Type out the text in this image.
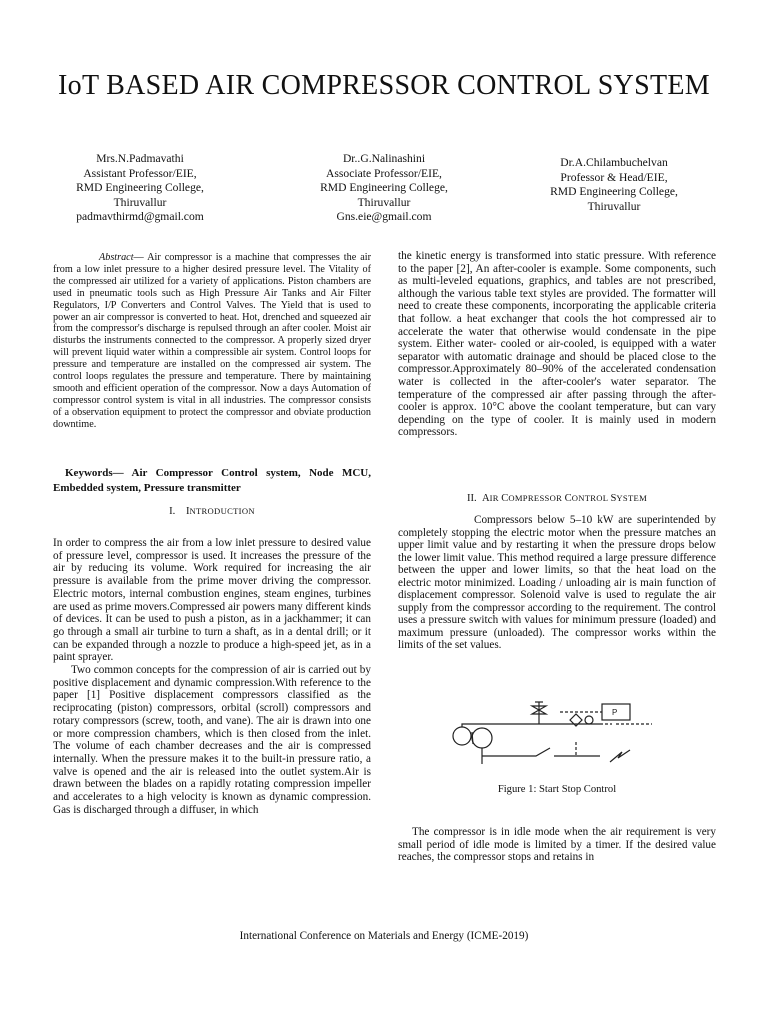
IoT BASED AIR COMPRESSOR CONTROL SYSTEM
Mrs.N.Padmavathi
Assistant Professor/EIE,
RMD Engineering College,
Thiruvallur
padmavthirmd@gmail.com
Dr..G.Nalinashini
Associate Professor/EIE,
RMD Engineering College,
Thiruvallur
Gns.eie@gmail.com
Dr.A.Chilambuchelvan
Professor & Head/EIE,
RMD Engineering College,
Thiruvallur
Abstract— Air compressor is a machine that compresses the air from a low inlet pressure to a higher desired pressure level. The Vitality of the compressed air utilized for a variety of applications. Piston chambers are used in pneumatic tools such as High Pressure Air Tanks and Air Filter Regulators, I/P Converters and Control Valves. The Yield that is used to power an air compressor is converted to heat. Hot, drenched and squeezed air from the compressor's discharge is repulsed through an after cooler. Moist air disturbs the instruments connected to the compressor. A properly sized dryer will prevent liquid water within a compressible air system. Control loops for pressure and temperature are installed on the compressed air system. The control loops regulates the pressure and temperature. There by maintaining smooth and efficient operation of the compressor. Now a days Automation of compressor control system is vital in all industries. The compressor consists of a observation equipment to protect the compressor and obviate production downtime.
Keywords— Air Compressor Control system, Node MCU, Embedded system, Pressure transmitter
I. INTRODUCTION

In order to compress the air from a low inlet pressure to desired value of pressure level, compressor is used. It increases the pressure of the air by reducing its volume. Work required for increasing the air pressure is available from the prime mover driving the compressor. Electric motors, internal combustion engines, steam engines, turbines are used as prime movers.Compressed air powers many different kinds of devices. It can be used to push a piston, as in a jackhammer; it can go through a small air turbine to turn a shaft, as in a dental drill; or it can be expanded through a nozzle to produce a high-speed jet, as in a paint sprayer.

Two common concepts for the compression of air is carried out by positive displacement and dynamic compression.With reference to the paper [1] Positive displacement compressors classified as the reciprocating (piston) compressors, orbital (scroll) compressors and rotary compressors (screw, tooth, and vane). The air is drawn into one or more compression chambers, which is then closed from the inlet. The volume of each chamber decreases and the air is compressed internally. When the pressure makes it to the built-in pressure ratio, a valve is opened and the air is released into the outlet system.Air is drawn between the blades on a rapidly rotating compression impeller and accelerates to a high velocity is known as dynamic compression. Gas is discharged through a diffuser, in which

the kinetic energy is transformed into static pressure. With reference to the paper [2], An after-cooler is example. Some components, such as multi-leveled equations, graphics, and tables are not prescribed, although the various table text styles are provided. The formatter will need to create these components, incorporating the applicable criteria that follow. a heat exchanger that cools the hot compressed air to accelerate the water that otherwise would condensate in the pipe system. Either water- cooled or air-cooled, is equipped with a water separator with automatic drainage and should be placed close to the compressor.Approximately 80–90% of the accelerated condensation water is collected in the after-cooler's water separator. The temperature of the compressed air after passing through the after-cooler is approx. 10°C above the coolant temperature, but can vary depending on the type of cooler. It is mainly used in modern compressors.
II. AIR COMPRESSOR CONTROL SYSTEM
Compressors below 5–10 kW are superintended by completely stopping the electric motor when the pressure matches an upper limit value and by restarting it when the pressure drops below the lower limit value. This method required a large pressure difference between the upper and lower limits, so that the heat load on the electric motor minimized. Loading / unloading air is main function of displacement compressor. Solenoid valve is used to regulate the air supply from the compressor according to the requirement. The control uses a pressure switch with values for minimum pressure (loaded) and maximum pressure (unloaded). The compressor works within the limits of the set values.
P
Figure 1: Start Stop Control
The compressor is in idle mode when the air requirement is very small period of idle mode is limited by a timer. If the desired value reaches, the compressor stops and retains in
International Conference on Materials and Energy (ICME-2019)
